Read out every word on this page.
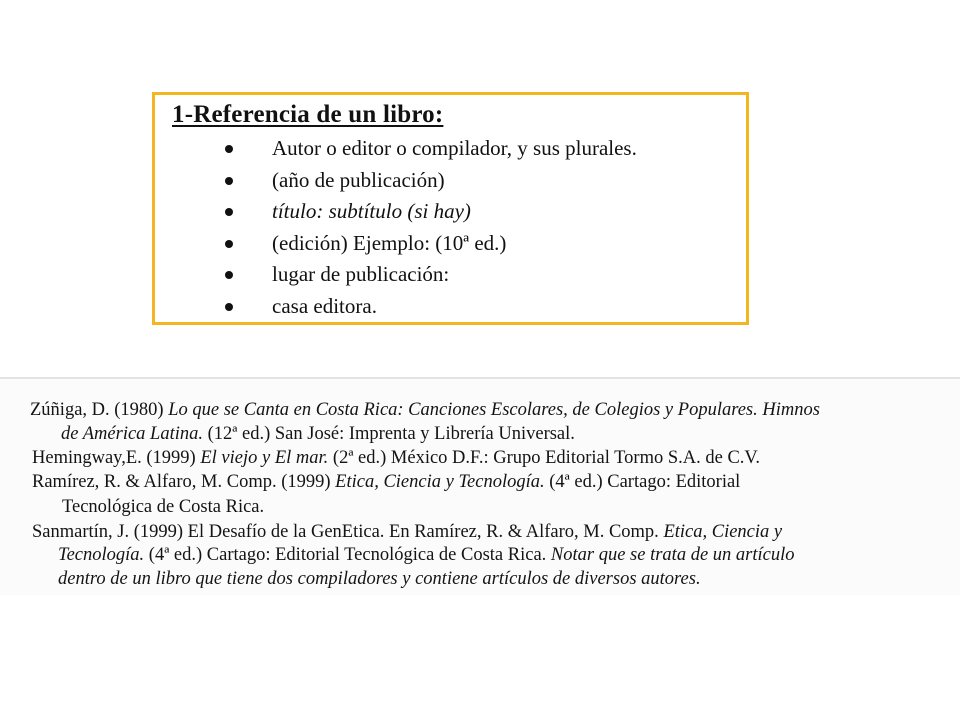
1-Referencia de un libro:
Autor o editor o compilador, y sus plurales.
(año de publicación)
título: subtítulo (si hay)
(edición) Ejemplo: (10ª ed.)
lugar de publicación:
casa editora.
Zúñiga, D. (1980) Lo que se Canta en Costa Rica: Canciones Escolares, de Colegios y Populares. Himnos
de América Latina. (12ª ed.) San José: Imprenta y Librería Universal.
Hemingway,E. (1999) El viejo y El mar. (2ª ed.) México D.F.: Grupo Editorial Tormo S.A. de C.V.
Ramírez, R. & Alfaro, M. Comp. (1999) Etica, Ciencia y Tecnología. (4ª ed.) Cartago: Editorial
Tecnológica de Costa Rica.
Sanmartín, J. (1999) El Desafío de la GenEtica. En Ramírez, R. & Alfaro, M. Comp. Etica, Ciencia y
Tecnología. (4ª ed.) Cartago: Editorial Tecnológica de Costa Rica. Notar que se trata de un artículo
dentro de un libro que tiene dos compiladores y contiene artículos de diversos autores.
